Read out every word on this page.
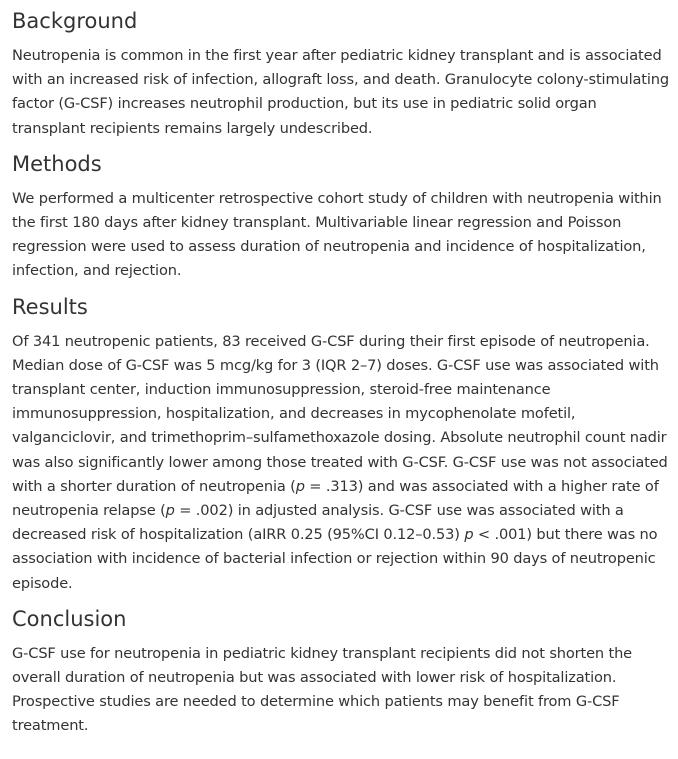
Background

Neutropenia is common in the first year after pediatric kidney transplant and is associated with an increased risk of infection, allograft loss, and death. Granulocyte colony-stimulating factor (G-CSF) increases neutrophil production, but its use in pediatric solid organ transplant recipients remains largely undescribed.

Methods

We performed a multicenter retrospective cohort study of children with neutropenia within the first 180 days after kidney transplant. Multivariable linear regression and Poisson regression were used to assess duration of neutropenia and incidence of hospitalization, infection, and rejection.

Results

Of 341 neutropenic patients, 83 received G-CSF during their first episode of neutropenia. Median dose of G-CSF was 5 mcg/kg for 3 (IQR 2–7) doses. G-CSF use was associated with transplant center, induction immunosuppression, steroid-free maintenance immunosuppression, hospitalization, and decreases in mycophenolate mofetil, valganciclovir, and trimethoprim–sulfamethoxazole dosing. Absolute neutrophil count nadir was also significantly lower among those treated with G-CSF. G-CSF use was not associated with a shorter duration of neutropenia (p = .313) and was associated with a higher rate of neutropenia relapse (p = .002) in adjusted analysis. G-CSF use was associated with a decreased risk of hospitalization (aIRR 0.25 (95%CI 0.12–0.53) p < .001) but there was no association with incidence of bacterial infection or rejection within 90 days of neutropenic episode.

Conclusion

G-CSF use for neutropenia in pediatric kidney transplant recipients did not shorten the overall duration of neutropenia but was associated with lower risk of hospitalization. Prospective studies are needed to determine which patients may benefit from G-CSF treatment.
